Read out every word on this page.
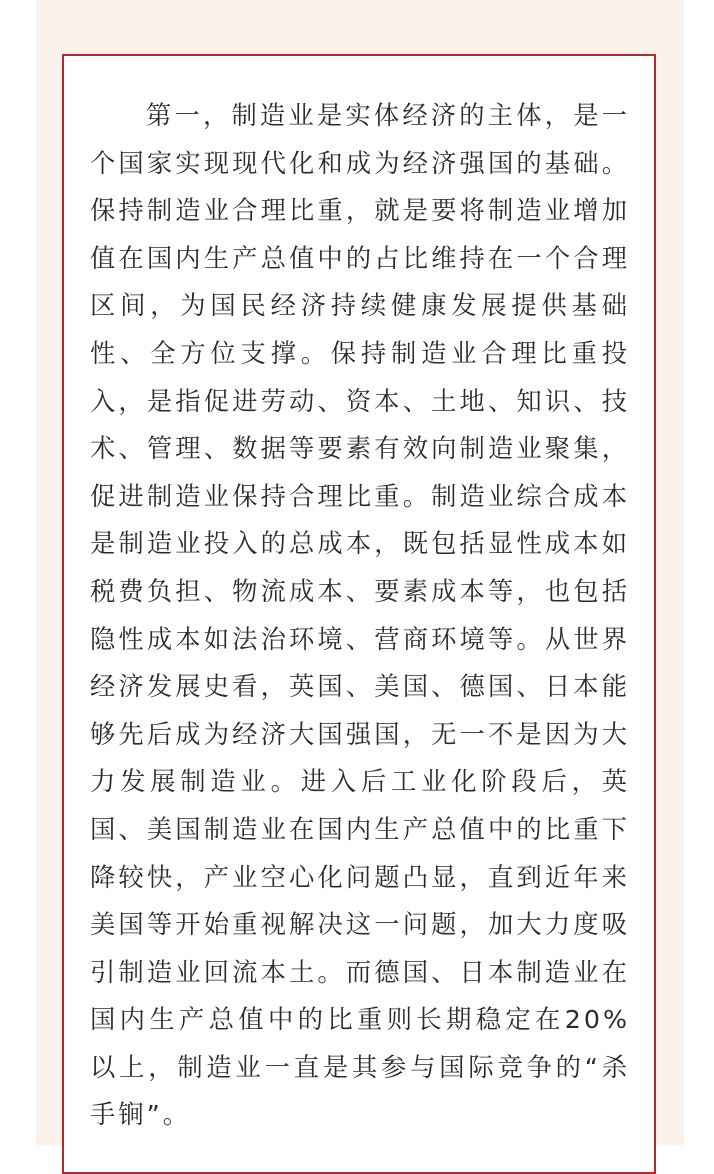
第一，制造业是实体经济的主体，是一个国家实现现代化和成为经济强国的基础。保持制造业合理比重，就是要将制造业增加值在国内生产总值中的占比维持在一个合理区间，为国民经济持续健康发展提供基础性、全方位支撑。保持制造业合理比重投入，是指促进劳动、资本、土地、知识、技术、管理、数据等要素有效向制造业聚集，促进制造业保持合理比重。制造业综合成本是制造业投入的总成本，既包括显性成本如税费负担、物流成本、要素成本等，也包括隐性成本如法治环境、营商环境等。从世界经济发展史看，英国、美国、德国、日本能够先后成为经济大国强国，无一不是因为大力发展制造业。进入后工业化阶段后，英国、美国制造业在国内生产总值中的比重下降较快，产业空心化问题凸显，直到近年来美国等开始重视解决这一问题，加大力度吸引制造业回流本土。而德国、日本制造业在国内生产总值中的比重则长期稳定在20%以上，制造业一直是其参与国际竞争的“杀手锏”。
